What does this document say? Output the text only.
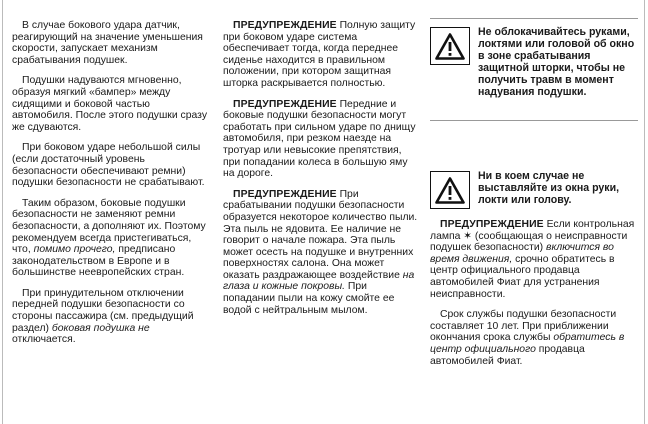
В случае бокового удара датчик, реагирующий на значение уменьшения скорости, запускает механизм срабатывания подушек.

Подушки надуваются мгновенно, образуя мягкий «бампер» между сидящими и боковой частью автомобиля. После этого подушки сразу же сдуваются.

При боковом ударе небольшой силы (если достаточный уровень безопасности обеспечивают ремни) подушки безопасности не срабатывают.

Таким образом, боковые подушки безопасности не заменяют ремни безопасности, а дополняют их. Поэтому рекомендуем всегда пристегиваться, что, помимо прочего, предписано законодательством в Европе и в большинстве неевропейских стран.

При принудительном отключении передней подушки безопасности со стороны пассажира (см. предыдущий раздел) боковая подушка не отключается.

ПРЕДУПРЕЖДЕНИЕ Полную защиту при боковом ударе система обеспечивает тогда, когда переднее сиденье находится в правильном положении, при котором защитная шторка раскрывается полностью.

ПРЕДУПРЕЖДЕНИЕ Передние и боковые подушки безопасности могут сработать при сильном ударе по днищу автомобиля, при резком наезде на тротуар или невысокие препятствия, при попадании колеса в большую яму на дороге.

ПРЕДУПРЕЖДЕНИЕ При срабатывании подушки безопасности образуется некоторое количество пыли. Эта пыль не ядовита. Ее наличие не говорит о начале пожара. Эта пыль может осесть на подушке и внутренних поверхностях салона. Она может оказать раздражающее воздействие на глаза и кожные покровы. При попадании пыли на кожу смойте ее водой с нейтральным мылом.

Не облокачивайтесь руками, локтями или головой об окно в зоне срабатывания защитной шторки, чтобы не получить травм в момент надувания подушки.
Ни в коем случае не выставляйте из окна руки, локти или голову.

ПРЕДУПРЕЖДЕНИЕ Если контрольная лампа ✶ (сообщающая о неисправности подушек безопасности) включится во время движения, срочно обратитесь в центр официального продавца автомобилей Фиат для устранения неисправности.

Срок службы подушки безопасности составляет 10 лет. При приближении окончания срока службы обратитесь в центр официального продавца автомобилей Фиат.
